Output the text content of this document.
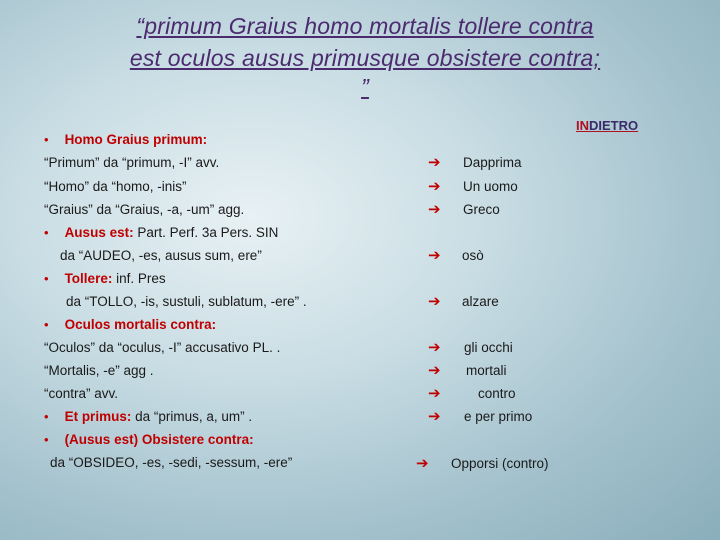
“primum Graius homo mortalis tollere contra
est oculos ausus primusque obsistere contra;
”
INDIETRO
• Homo Graius primum:
“Primum” da “primum, -I” avv.
“Homo” da “homo, -inis”
“Graius” da “Graius, -a, -um” agg.
• Ausus est: Part. Perf. 3a Pers. SIN
da “AUDEO, -es, ausus sum, ere”
• Tollere: inf. Pres
da “TOLLO, -is, sustuli, sublatum, -ere” .
• Oculos mortalis contra:
“Oculos” da “oculus, -I” accusativo PL. .
“Mortalis, -e” agg .
“contra” avv.
• Et primus: da “primus, a, um” .
• (Ausus est) Obsistere contra:
da “OBSIDEO, -es, -sedi, -sessum, -ere”
➔ Dapprima
➔ Un uomo
➔ Greco
➔ osò
➔ alzare
➔ gli occhi
➔ mortali
➔	contro
➔ e per primo
➔ Opporsi (contro)
